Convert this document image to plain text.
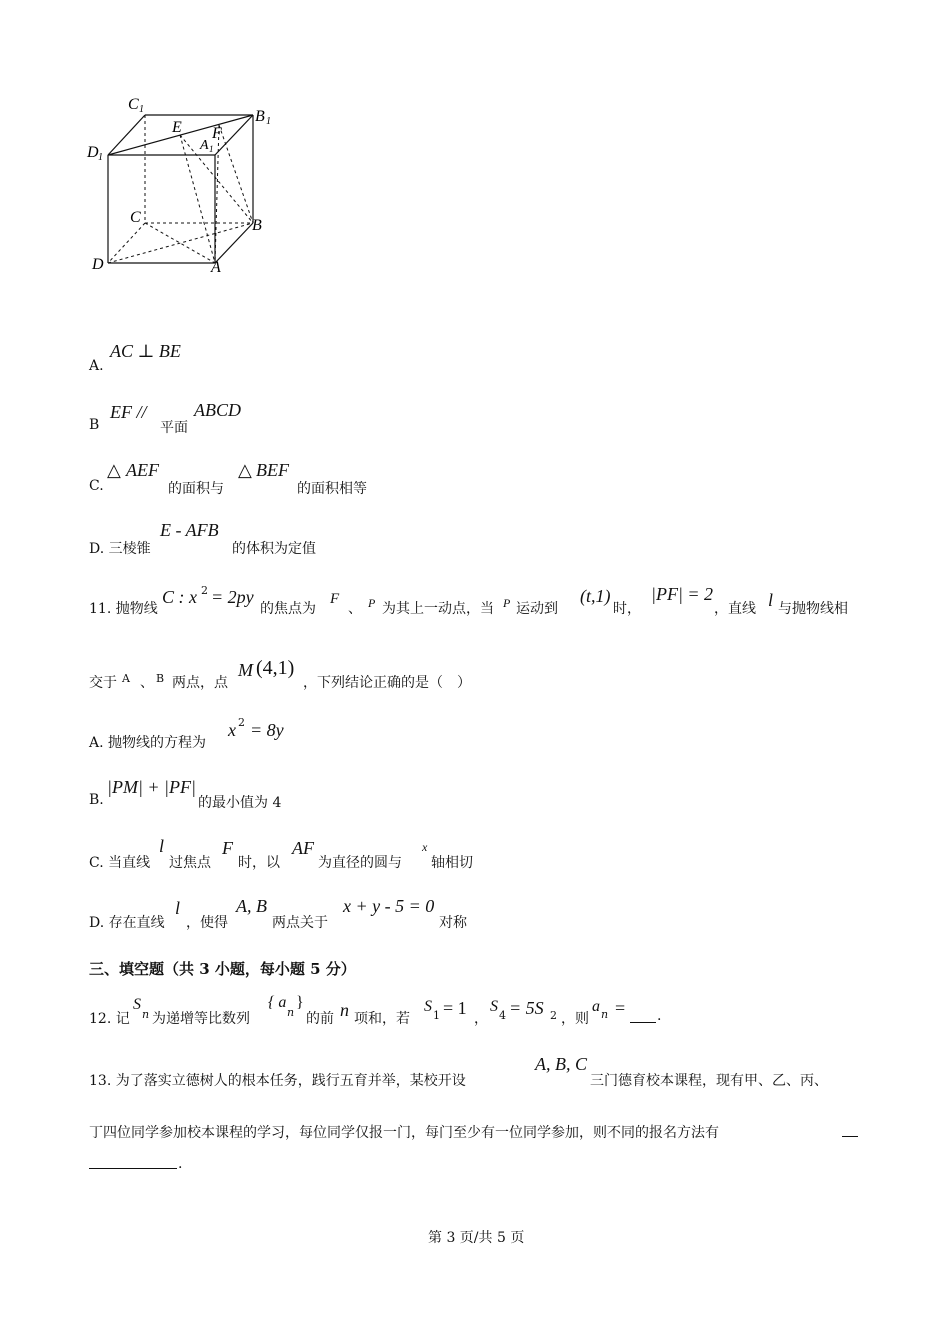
C 1	B 1
D 1
A 1
E F
C	B
D	A
A.
AC ⊥ BE
B
EF //
平面
ABCD
C.
△ AEF
的面积与
△ BEF
的面积相等
D. 三棱锥
E - AFB
的体积为定值
11. 抛物线
C : x 2 = 2py
的焦点为
F
、 P 为其上一动点，当 P 运动到
(t,1)
时，
|PF| = 2
，直线 l 与抛物线相
交于 A 、 B 两点，点
M (4,1)
，下列结论正确的是（　）
A. 抛物线的方程为
x 2 = 8y
B.
|PM| + |PF|
的最小值为 4
C. 当直线
l
过焦点
F
时，以
AF
为直径的圆与
x
轴相切
D. 存在直线
l
，使得
A, B
两点关于
x + y - 5 = 0
对称
三、填空题（共 3 小题，每小题 5 分）
12. 记
S
n 为递增等比数列
{ a
n
}
的前 n 项和，若
S
1 = 1
，
S
4 = 5S 2 ，则
a n = .
13. 为了落实立德树人的根本任务，践行五育并举，某校开设
A, B, C
三门德育校本课程，现有甲、乙、丙、
丁四位同学参加校本课程的学习，每位同学仅报一门，每门至少有一位同学参加，则不同的报名方法有
.
第 3 页/共 5 页
